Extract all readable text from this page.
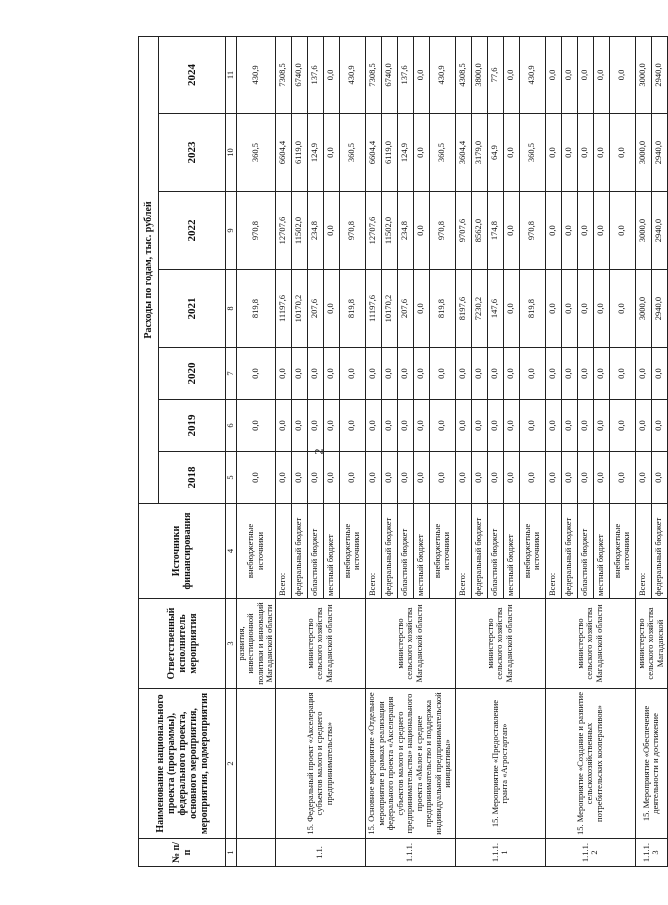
2
№ п/п	Наименование национального проекта (программы), федерального проекта, основного мероприятия, мероприятия, подмероприятия	Ответственный исполнитель мероприятия	Источники финансирования	Расходы по годам, тыс. рублей						
				2018	2019	2020	2021	2022	2023	2024
1	2	3	4	5	6	7	8	9	10	11
		развития, инвестиционной политики и инноваций Магаданской области	внебюджетные источники	0,0	0,0	0,0	819,8	970,8	360,5	430,9
1.1.	15. Федеральный проект «Акселерация субъектов малого и среднего предпринимательства»	министерство сельского хозяйства Магаданской области	Всего:	0,0	0,0	0,0	11197,6	12707,6	6604,4	7308,5
			федеральный бюджет	0,0	0,0	0,0	10170,2	11502,0	6119,0	6740,0
			областной бюджет	0,0	0,0	0,0	207,6	234,8	124,9	137,6
			местный бюджет	0,0	0,0	0,0	0,0	0,0	0,0	0,0
			внебюджетные источники	0,0	0,0	0,0	819,8	970,8	360,5	430,9
1.1.1.	15. Основное мероприятие «Отдельное мероприятие в рамках реализации федерального проекта «Акселерация субъектов малого и среднего предпринимательства» национального проекта «Малое и среднее предпринимательство и поддержка индивидуальной предпринимательской инициативы»	министерство сельского хозяйства Магаданской области	Всего:	0,0	0,0	0,0	11197,6	12707,6	6604,4	7308,5
			федеральный бюджет	0,0	0,0	0,0	10170,2	11502,0	6119,0	6740,0
			областной бюджет	0,0	0,0	0,0	207,6	234,8	124,9	137,6
			местный бюджет	0,0	0,0	0,0	0,0	0,0	0,0	0,0
			внебюджетные источники	0,0	0,0	0,0	819,8	970,8	360,5	430,9
1.1.1.1	15. Мероприятие «Предоставление гранта «Агростартап»	министерство сельского хозяйства Магаданской области	Всего:	0,0	0,0	0,0	8197,6	9707,6	3604,4	4308,5
			федеральный бюджет	0,0	0,0	0,0	7230,2	8562,0	3179,0	3800,0
			областной бюджет	0,0	0,0	0,0	147,6	174,8	64,9	77,6
			местный бюджет	0,0	0,0	0,0	0,0	0,0	0,0	0,0
			внебюджетные источники	0,0	0,0	0,0	819,8	970,8	360,5	430,9
1.1.1.2	15. Мероприятие «Создание и развитие сельскохозяйственных потребительских кооперативов»	министерство сельского хозяйства Магаданской области	Всего:	0,0	0,0	0,0	0,0	0,0	0,0	0,0
			федеральный бюджет	0,0	0,0	0,0	0,0	0,0	0,0	0,0
			областной бюджет	0,0	0,0	0,0	0,0	0,0	0,0	0,0
			местный бюджет	0,0	0,0	0,0	0,0	0,0	0,0	0,0
			внебюджетные источники	0,0	0,0	0,0	0,0	0,0	0,0	0,0
1.1.1.3	15. Мероприятие «Обеспечение деятельности и достижение	министерство сельского хозяйства Магаданской	Всего:	0,0	0,0	0,0	3000,0	3000,0	3000,0	3000,0
			федеральный бюджет	0,0	0,0	0,0	2940,0	2940,0	2940,0	2940,0
